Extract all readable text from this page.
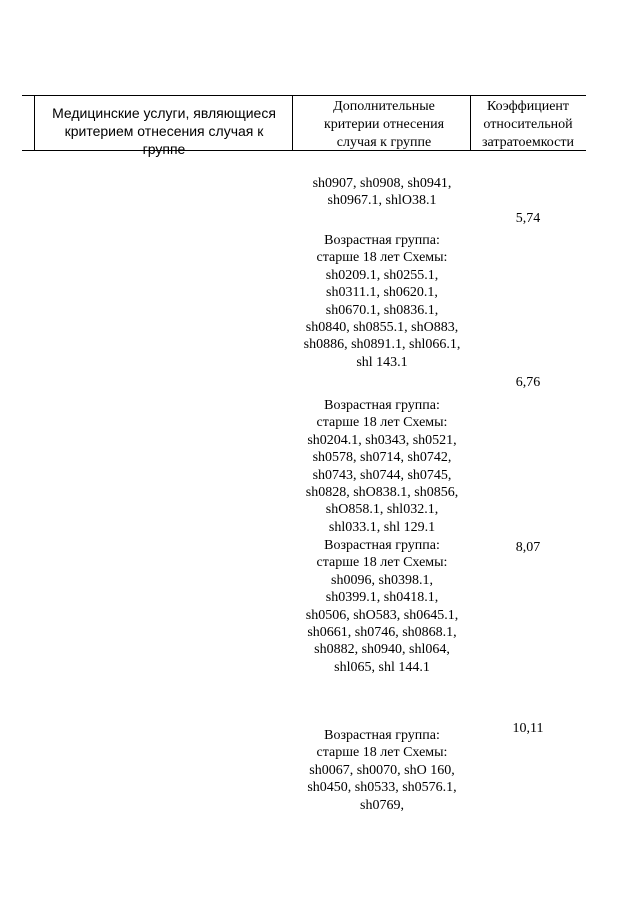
Медицинские услуги, являющиеся критерием отнесения случая к группе
Дополнительные критерии отнесения случая к группе
Коэффициент относительной затратоемкости
sh0907, sh0908, sh0941,
sh0967.1, shlO38.1
5,74
Возрастная группа:
старше 18 лет Схемы:
sh0209.1, sh0255.1,
sh0311.1, sh0620.1,
sh0670.1, sh0836.1,
sh0840, sh0855.1, shO883,
sh0886, sh0891.1, shl066.1,
shl 143.1
6,76
Возрастная группа:
старше 18 лет Схемы:
sh0204.1, sh0343, sh0521,
sh0578, sh0714, sh0742,
sh0743, sh0744, sh0745,
sh0828, shO838.1, sh0856,
shO858.1, shl032.1,
shl033.1, shl 129.1
Возрастная группа:
старше 18 лет Схемы:
sh0096, sh0398.1,
sh0399.1, sh0418.1,
sh0506, shO583, sh0645.1,
sh0661, sh0746, sh0868.1,
sh0882, sh0940, shl064,
shl065, shl 144.1
8,07
Возрастная группа:
старше 18 лет Схемы:
sh0067, sh0070, shO 160,
sh0450, sh0533, sh0576.1,
sh0769,
10,11
